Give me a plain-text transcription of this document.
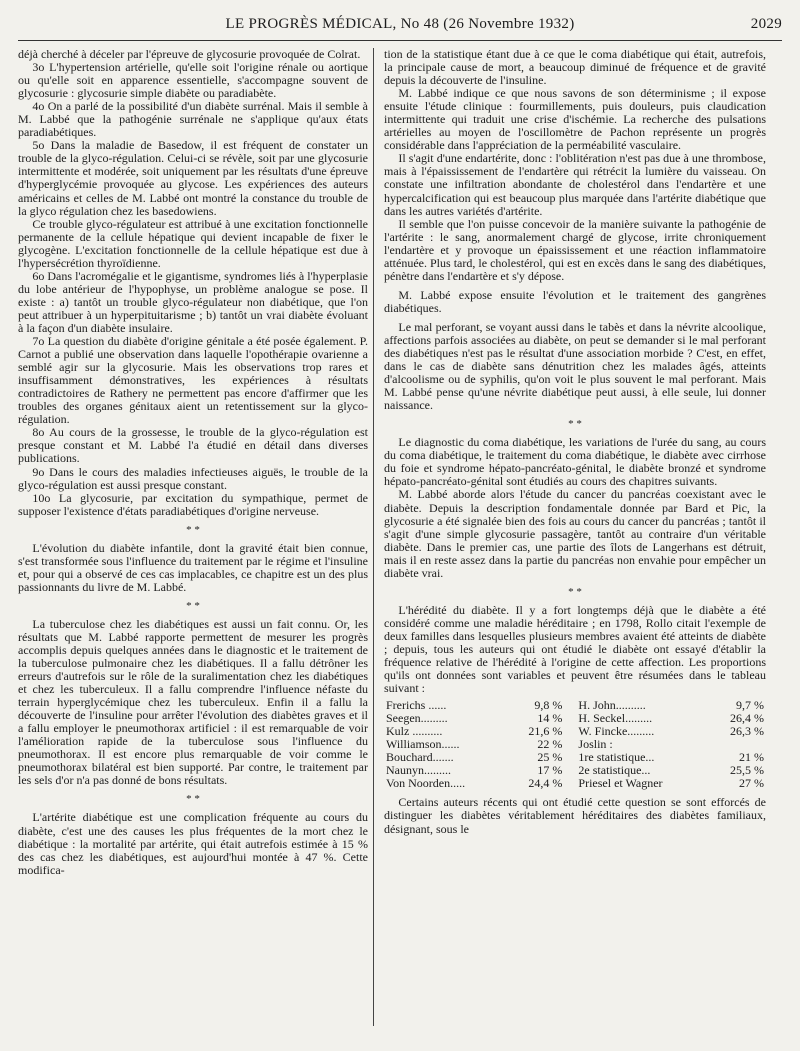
LE PROGRÈS MÉDICAL, No 48 (26 Novembre 1932)	2029

déjà cherché à déceler par l'épreuve de glycosurie provoquée de Colrat.

3o L'hypertension artérielle, qu'elle soit l'origine rénale ou aortique ou qu'elle soit en apparence essentielle, s'accompagne souvent de glycosurie : glycosurie simple diabète ou paradiabète.

4o On a parlé de la possibilité d'un diabète surrénal. Mais il semble à M. Labbé que la pathogénie surrénale ne s'applique qu'aux états paradiabétiques.

5o Dans la maladie de Basedow, il est fréquent de constater un trouble de la glyco-régulation. Celui-ci se révèle, soit par une glycosurie intermittente et modérée, soit uniquement par les résultats d'une épreuve d'hyperglycémie provoquée au glycose. Les expériences des auteurs américains et celles de M. Labbé ont montré la constance du trouble de la glyco régulation chez les basedowiens.

Ce trouble glyco-régulateur est attribué à une excitation fonctionnelle permanente de la cellule hépatique qui devient incapable de fixer le glycogène. L'excitation fonctionnelle de la cellule hépatique est due à l'hypersécrétion thyroïdienne.

6o Dans l'acromégalie et le gigantisme, syndromes liés à l'hyperplasie du lobe antérieur de l'hypophyse, un problème analogue se pose. Il existe : a) tantôt un trouble glyco-régulateur non diabétique, que l'on peut attribuer à un hyperpituitarisme ; b) tantôt un vrai diabète évoluant à la façon d'un diabète insulaire.

7o La question du diabète d'origine génitale a été posée également. P. Carnot a publié une observation dans laquelle l'opothérapie ovarienne a semblé agir sur la glycosurie. Mais les observations trop rares et insuffisamment démonstratives, les expériences à résultats contradictoires de Rathery ne permettent pas encore d'affirmer que les troubles des organes génitaux aient un retentissement sur la glyco-régulation.

8o Au cours de la grossesse, le trouble de la glyco-régulation est presque constant et M. Labbé l'a étudié en détail dans diverses publications.

9o Dans le cours des maladies infectieuses aiguës, le trouble de la glyco-régulation est aussi presque constant.

10o La glycosurie, par excitation du sympathique, permet de supposer l'existence d'états paradiabétiques d'origine nerveuse.

* *

L'évolution du diabète infantile, dont la gravité était bien connue, s'est transformée sous l'influence du traitement par le régime et l'insuline et, pour qui a observé de ces cas implacables, ce chapitre est un des plus passionnants du livre de M. Labbé.

* *

La tuberculose chez les diabétiques est aussi un fait connu. Or, les résultats que M. Labbé rapporte permettent de mesurer les progrès accomplis depuis quelques années dans le diagnostic et le traitement de la tuberculose pulmonaire chez les diabétiques. Il a fallu détrôner les erreurs d'autrefois sur le rôle de la suralimentation chez les diabétiques et chez les tuberculeux. Il a fallu comprendre l'influence néfaste du terrain hyperglycémique chez les tuberculeux. Enfin il a fallu la découverte de l'insuline pour arrêter l'évolution des diabètes graves et il a fallu employer le pneumothorax artificiel : il est remarquable de voir l'amélioration rapide de la tuberculose sous l'influence du pneumothorax. Il est encore plus remarquable de voir comme le pneumothorax bilatéral est bien supporté. Par contre, le traitement par les sels d'or n'a pas donné de bons résultats.

* *

L'artérite diabétique est une complication fréquente au cours du diabète, c'est une des causes les plus fréquentes de la mort chez le diabétique : la mortalité par artérite, qui était autrefois estimée à 15 % des cas chez les diabétiques, est aujourd'hui montée à 47 %. Cette modifica-

tion de la statistique étant due à ce que le coma diabétique qui était, autrefois, la principale cause de mort, a beaucoup diminué de fréquence et de gravité depuis la découverte de l'insuline.

M. Labbé indique ce que nous savons de son déterminisme ; il expose ensuite l'étude clinique : fourmillements, puis douleurs, puis claudication intermittente qui traduit une crise d'ischémie. La recherche des pulsations artérielles au moyen de l'oscillomètre de Pachon représente un progrès considérable dans l'appréciation de la perméabilité vasculaire.

Il s'agit d'une endartérite, donc : l'oblitération n'est pas due à une thrombose, mais à l'épaississement de l'endartère qui rétrécit la lumière du vaisseau. On constate une infiltration abondante de cholestérol dans l'endartère et une hypercalcification qui est beaucoup plus marquée dans l'artérite diabétique que dans les autres variétés d'artérite.

Il semble que l'on puisse concevoir de la manière suivante la pathogénie de l'artérite : le sang, anormalement chargé de glycose, irrite chroniquement l'endartère et y provoque un épaississement et une réaction inflammatoire atténuée. Plus tard, le cholestérol, qui est en excès dans le sang des diabétiques, pénètre dans l'endartère et s'y dépose.

M. Labbé expose ensuite l'évolution et le traitement des gangrènes diabétiques.

Le mal perforant, se voyant aussi dans le tabès et dans la névrite alcoolique, affections parfois associées au diabète, on peut se demander si le mal perforant des diabétiques n'est pas le résultat d'une association morbide ? C'est, en effet, dans le cas de diabète sans dénutrition chez les malades âgés, atteints d'alcoolisme ou de syphilis, qu'on voit le plus souvent le mal perforant. Mais M. Labbé pense qu'une névrite diabétique peut aussi, à elle seule, lui donner naissance.

* *

Le diagnostic du coma diabétique, les variations de l'urée du sang, au cours du coma diabétique, le traitement du coma diabétique, le diabète avec cirrhose du foie et syndrome hépato-pancréato-génital, le diabète bronzé et syndrome hépato-pancréato-génital sont étudiés au cours des chapitres suivants.

M. Labbé aborde alors l'étude du cancer du pancréas coexistant avec le diabète. Depuis la description fondamentale donnée par Bard et Pic, la glycosurie a été signalée bien des fois au cours du cancer du pancréas ; tantôt il s'agit d'une simple glycosurie passagère, tantôt au contraire d'un véritable diabète. Dans le premier cas, une partie des îlots de Langerhans est détruit, mais il en reste assez dans la partie du pancréas non envahie pour empêcher un diabète vrai.

* *

L'hérédité du diabète. Il y a fort longtemps déjà que le diabète a été considéré comme une maladie héréditaire ; en 1798, Rollo citait l'exemple de deux familles dans lesquelles plusieurs membres avaient été atteints de diabète ; depuis, tous les auteurs qui ont étudié le diabète ont essayé d'établir la fréquence relative de l'hérédité à l'origine de cette affection. Les proportions qu'ils ont données sont variables et peuvent être résumées dans le tableau suivant :

Frerichs ......	9,8 %	H. John..........	9,7 %
Seegen.........	14 %	H. Seckel.........	26,4 %
Kulz ..........	21,6 %	W. Fincke.........	26,3 %
Williamson......	22 %	Joslin :	
Bouchard.......	25 %	1re statistique...	21 %
Naunyn.........	17 %	2e statistique...	25,5 %
Von Noorden.....	24,4 %	Priesel et Wagner	27 %

Certains auteurs récents qui ont étudié cette question se sont efforcés de distinguer les diabètes véritablement héréditaires des diabètes familiaux, désignant, sous le
